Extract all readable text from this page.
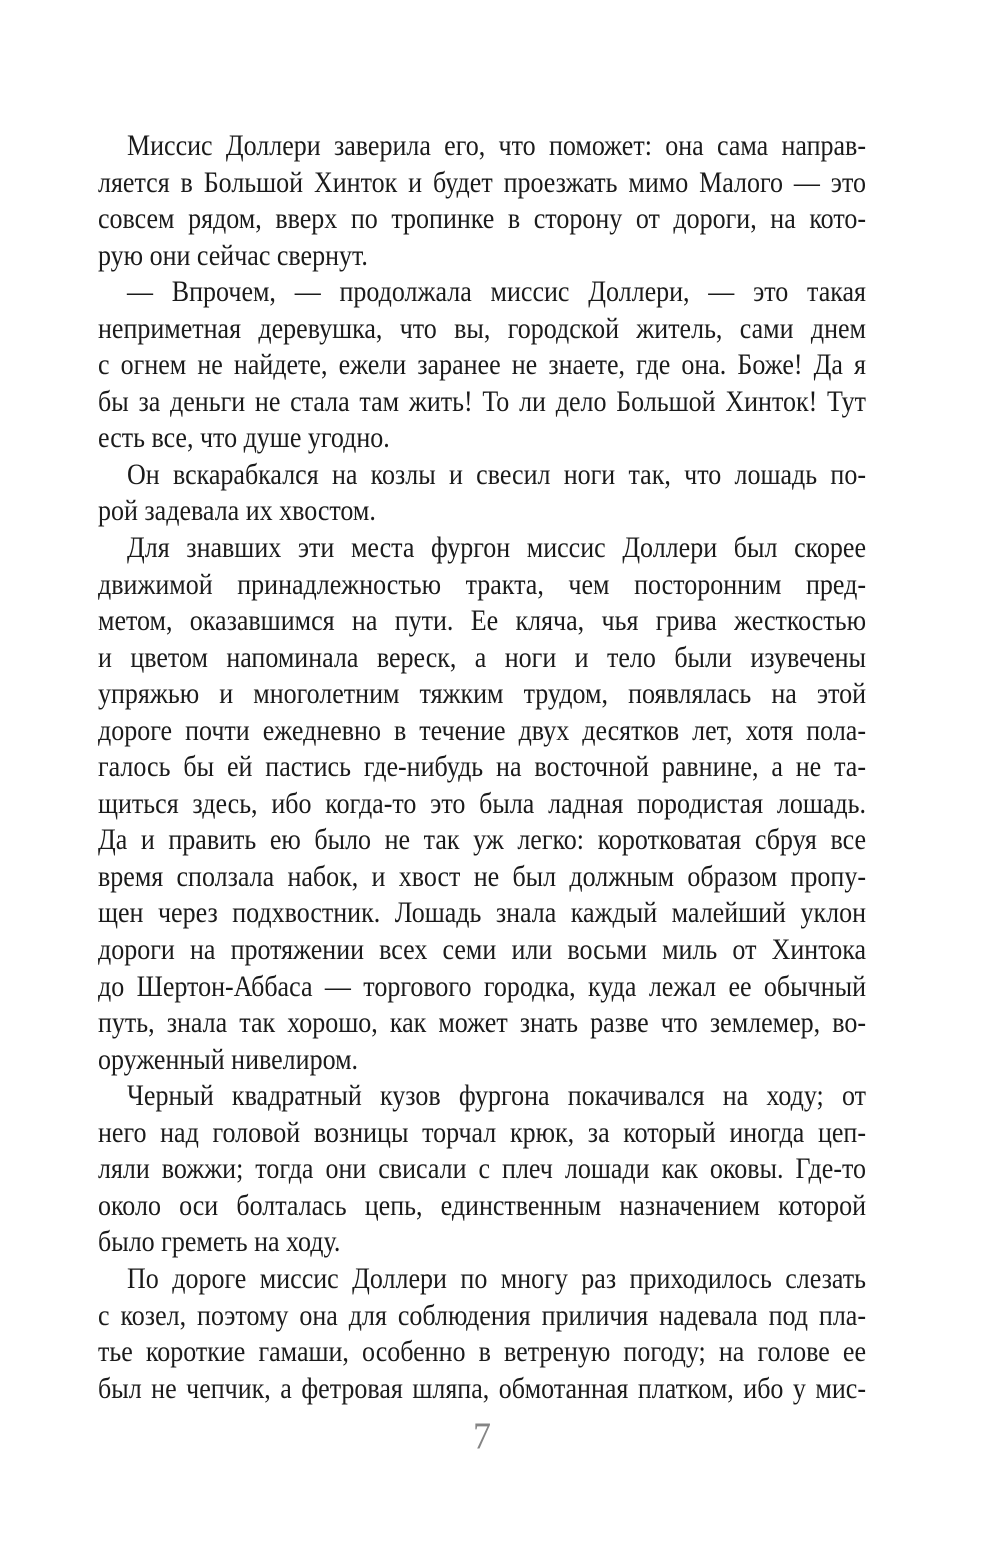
Миссис Доллери заверила его, что поможет: она сама направ-
ляется в Большой Хинток и будет проезжать мимо Малого — это
совсем рядом, вверх по тропинке в сторону от дороги, на кото-
рую они сейчас свернут.
— Впрочем, — продолжала миссис Доллери, — это такая
неприметная деревушка, что вы, городской житель, сами днем
с огнем не найдете, ежели заранее не знаете, где она. Боже! Да я
бы за деньги не стала там жить! То ли дело Большой Хинток! Тут
есть все, что душе угодно.
Он вскарабкался на козлы и свесил ноги так, что лошадь по-
рой задевала их хвостом.
Для знавших эти места фургон миссис Доллери был скорее
движимой принадлежностью тракта, чем посторонним пред-
метом, оказавшимся на пути. Ее кляча, чья грива жесткостью
и цветом напоминала вереск, а ноги и тело были изувечены
упряжью и многолетним тяжким трудом, появлялась на этой
дороге почти ежедневно в течение двух десятков лет, хотя пола-
галось бы ей пастись где-нибудь на восточной равнине, а не та-
щиться здесь, ибо когда-то это была ладная породистая лошадь.
Да и править ею было не так уж легко: коротковатая сбруя все
время сползала набок, и хвост не был должным образом пропу-
щен через подхвостник. Лошадь знала каждый малейший уклон
дороги на протяжении всех семи или восьми миль от Хинтока
до Шертон-Аббаса — торгового городка, куда лежал ее обычный
путь, знала так хорошо, как может знать разве что землемер, во-
оруженный нивелиром.
Черный квадратный кузов фургона покачивался на ходу; от
него над головой возницы торчал крюк, за который иногда цеп-
ляли вожжи; тогда они свисали с плеч лошади как оковы. Где-то
около оси болталась цепь, единственным назначением которой
было греметь на ходу.
По дороге миссис Доллери по многу раз приходилось слезать
с козел, поэтому она для соблюдения приличия надевала под пла-
тье короткие гамаши, особенно в ветреную погоду; на голове ее
был не чепчик, а фетровая шляпа, обмотанная платком, ибо у мис-
7
